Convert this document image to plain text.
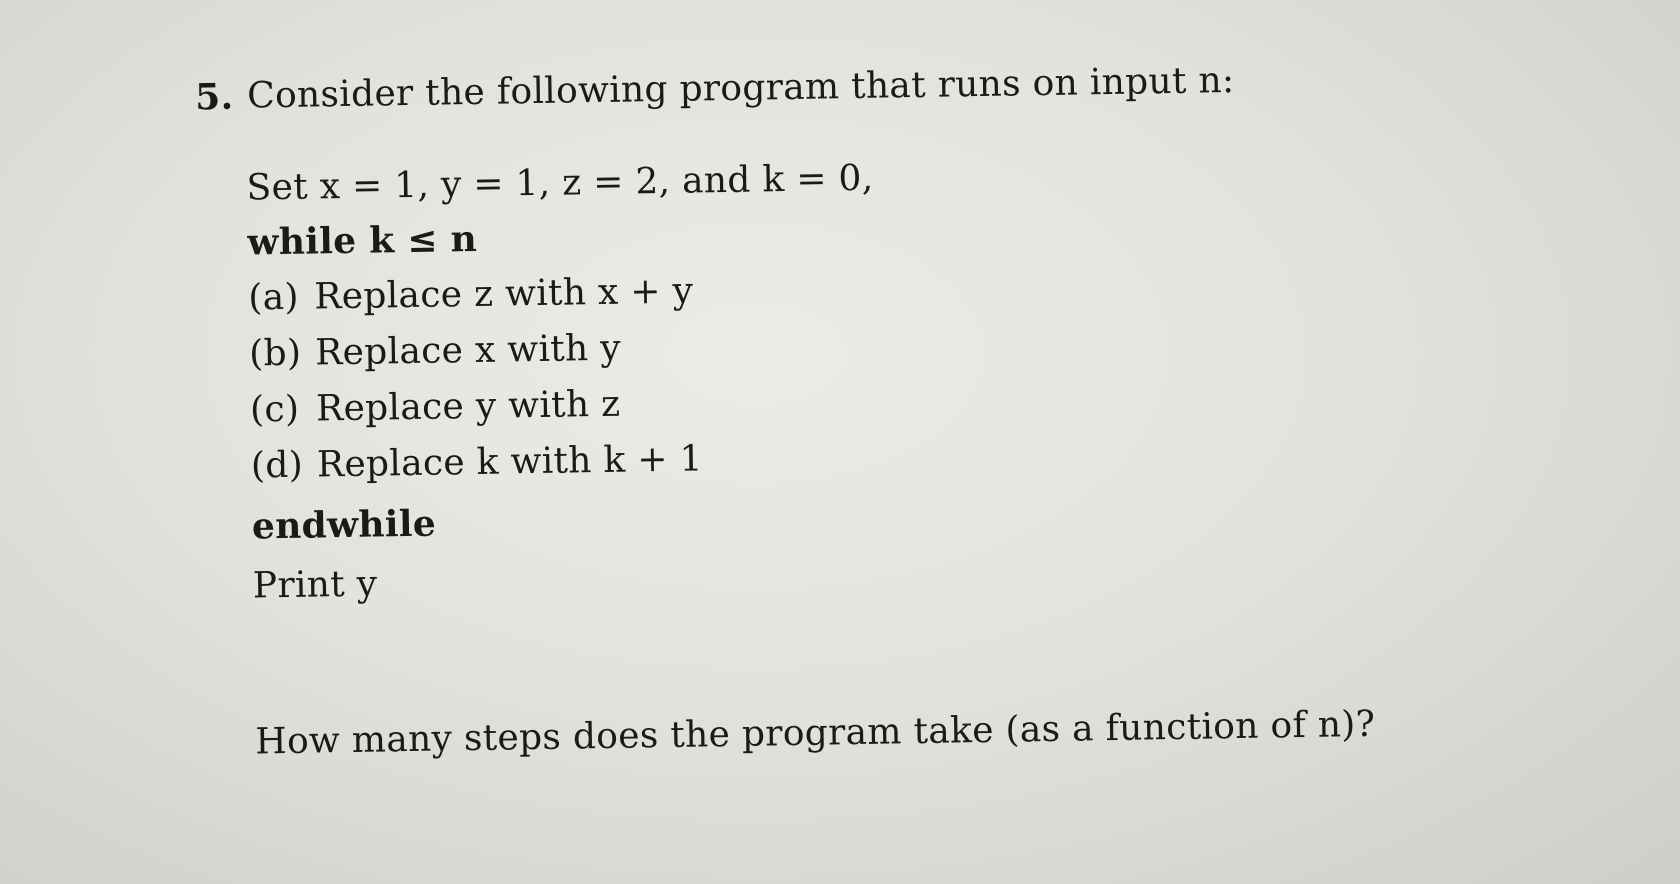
5. Consider the following program that runs on input n:
Set x = 1, y = 1, z = 2, and k = 0,
while k ≤ n
(a) Replace z with x + y
(b) Replace x with y
(c) Replace y with z
(d) Replace k with k + 1
endwhile
Print y
How many steps does the program take (as a function of n)?
